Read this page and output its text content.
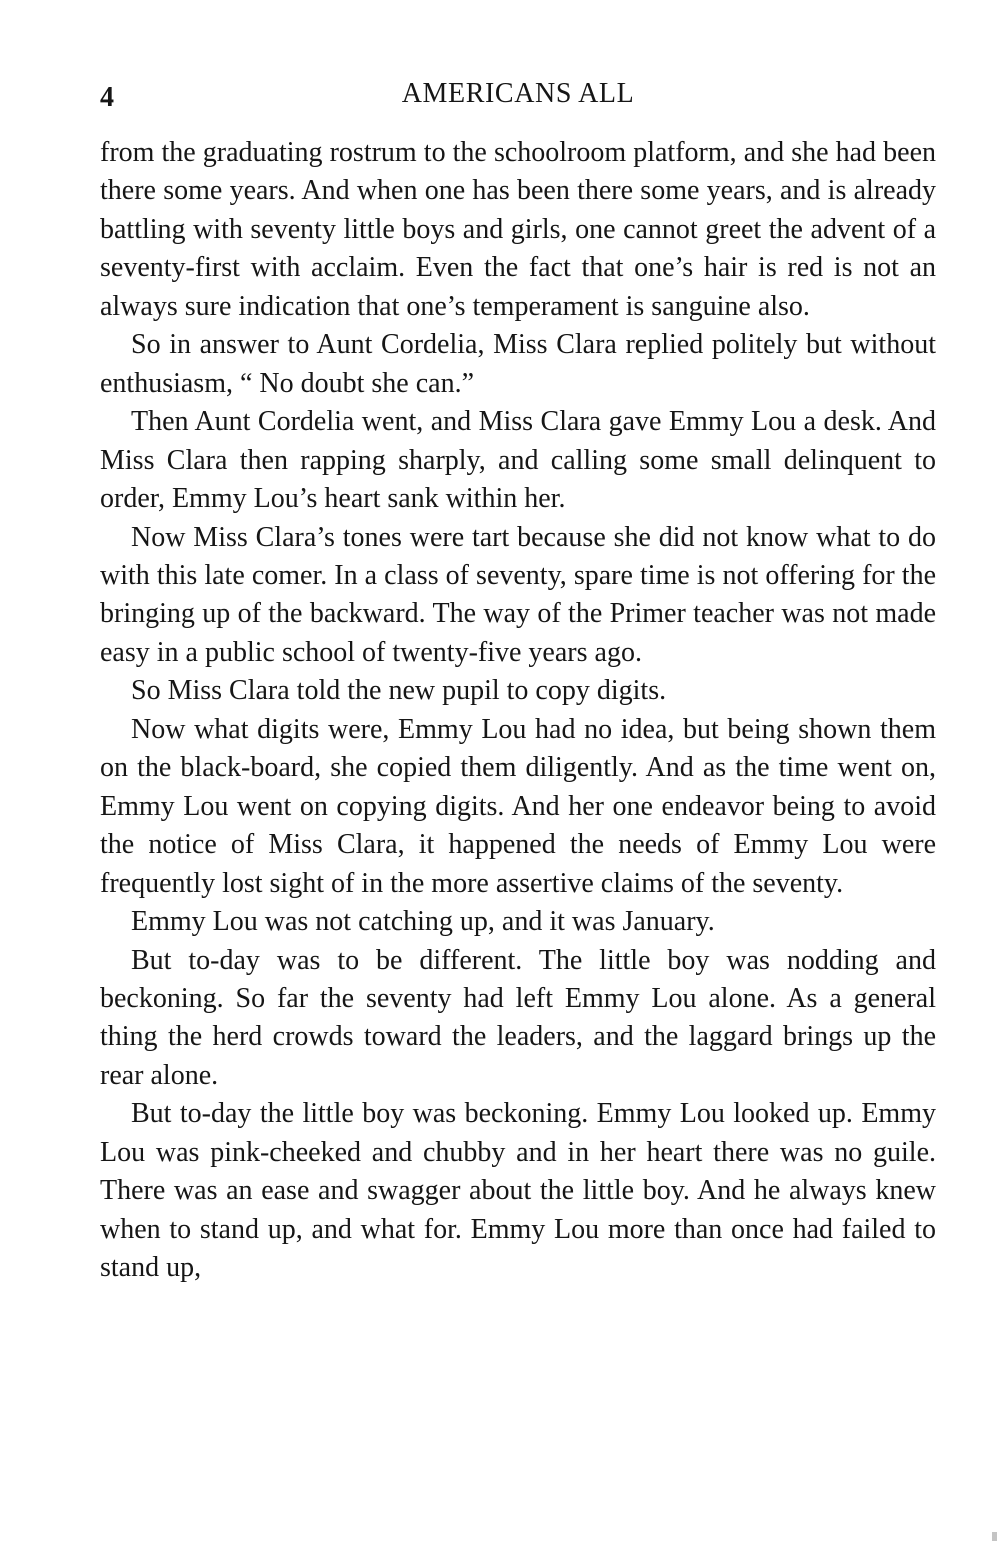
4	AMERICANS ALL

from the graduating rostrum to the schoolroom platform, and she had been there some years. And when one has been there some years, and is already battling with seventy little boys and girls, one cannot greet the advent of a seventy-first with acclaim. Even the fact that one’s hair is red is not an always sure indication that one’s temperament is sanguine also.

So in answer to Aunt Cordelia, Miss Clara replied politely but without enthusiasm, “ No doubt she can.”

Then Aunt Cordelia went, and Miss Clara gave Emmy Lou a desk. And Miss Clara then rapping sharply, and calling some small delinquent to order, Emmy Lou’s heart sank within her.

Now Miss Clara’s tones were tart because she did not know what to do with this late comer. In a class of seventy, spare time is not offering for the bringing up of the backward. The way of the Primer teacher was not made easy in a public school of twenty-five years ago.

So Miss Clara told the new pupil to copy digits.

Now what digits were, Emmy Lou had no idea, but being shown them on the black-board, she copied them diligently. And as the time went on, Emmy Lou went on copying digits. And her one endeavor being to avoid the notice of Miss Clara, it happened the needs of Emmy Lou were frequently lost sight of in the more assertive claims of the seventy.

Emmy Lou was not catching up, and it was January.

But to-day was to be different. The little boy was nodding and beckoning. So far the seventy had left Emmy Lou alone. As a general thing the herd crowds toward the leaders, and the laggard brings up the rear alone.

But to-day the little boy was beckoning. Emmy Lou looked up. Emmy Lou was pink-cheeked and chubby and in her heart there was no guile. There was an ease and swagger about the little boy. And he always knew when to stand up, and what for. Emmy Lou more than once had failed to stand up,
